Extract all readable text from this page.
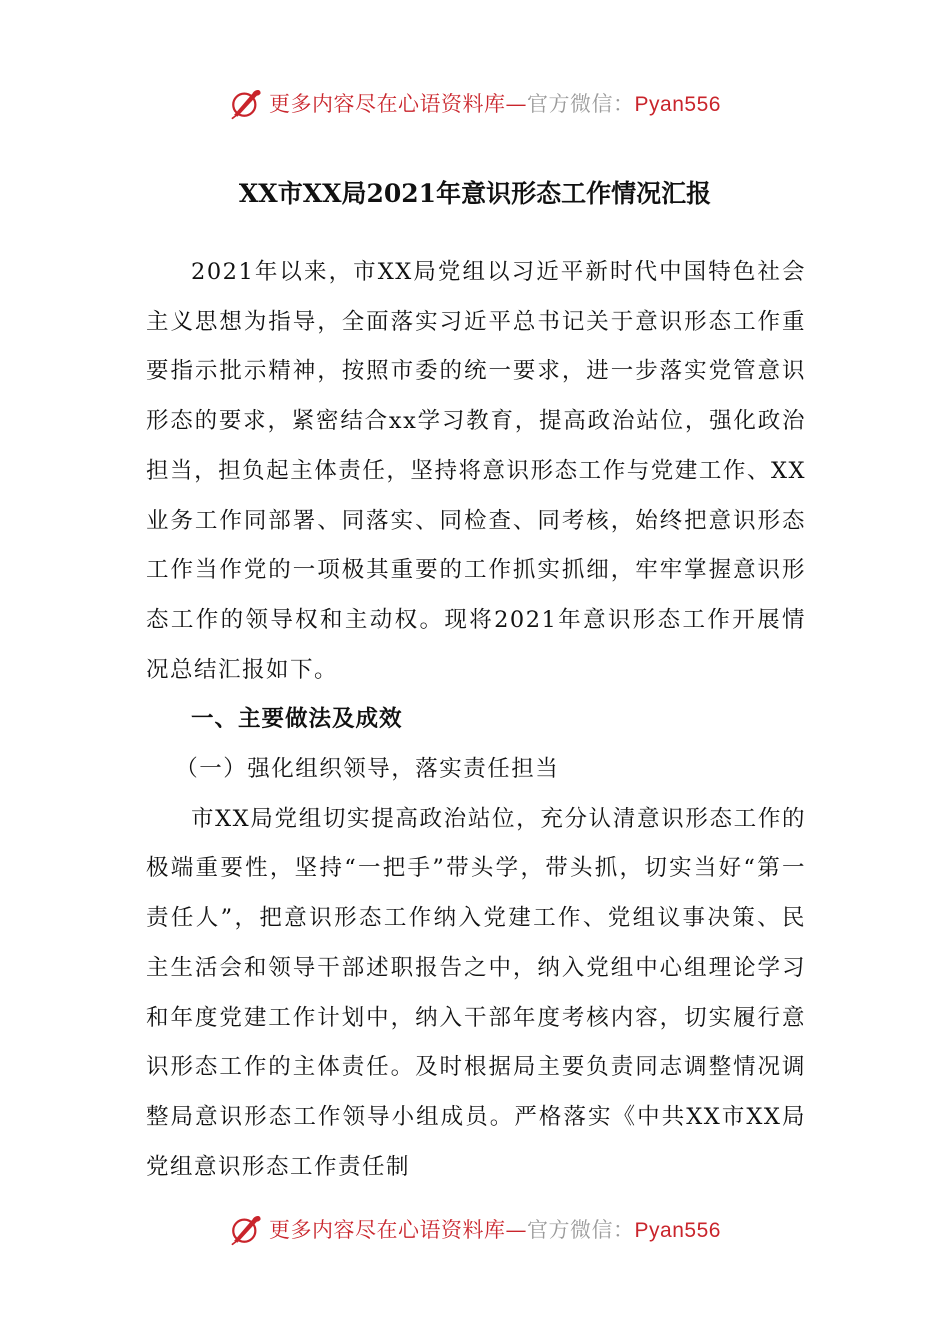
更多内容尽在心语资料库—官方微信：Pyan556
XX市XX局2021年意识形态工作情况汇报

2021年以来，市XX局党组以习近平新时代中国特色社会主义思想为指导，全面落实习近平总书记关于意识形态工作重要指示批示精神，按照市委的统一要求，进一步落实党管意识形态的要求，紧密结合xx学习教育，提高政治站位，强化政治担当，担负起主体责任，坚持将意识形态工作与党建工作、XX业务工作同部署、同落实、同检查、同考核，始终把意识形态工作当作党的一项极其重要的工作抓实抓细，牢牢掌握意识形态工作的领导权和主动权。现将2021年意识形态工作开展情况总结汇报如下。

一、主要做法及成效
（一）强化组织领导，落实责任担当

市XX局党组切实提高政治站位，充分认清意识形态工作的极端重要性，坚持“一把手”带头学，带头抓，切实当好“第一责任人”，把意识形态工作纳入党建工作、党组议事决策、民主生活会和领导干部述职报告之中，纳入党组中心组理论学习和年度党建工作计划中，纳入干部年度考核内容，切实履行意识形态工作的主体责任。及时根据局主要负责同志调整情况调整局意识形态工作领导小组成员。严格落实《中共XX市XX局党组意识形态工作责任制

更多内容尽在心语资料库—官方微信：Pyan556
